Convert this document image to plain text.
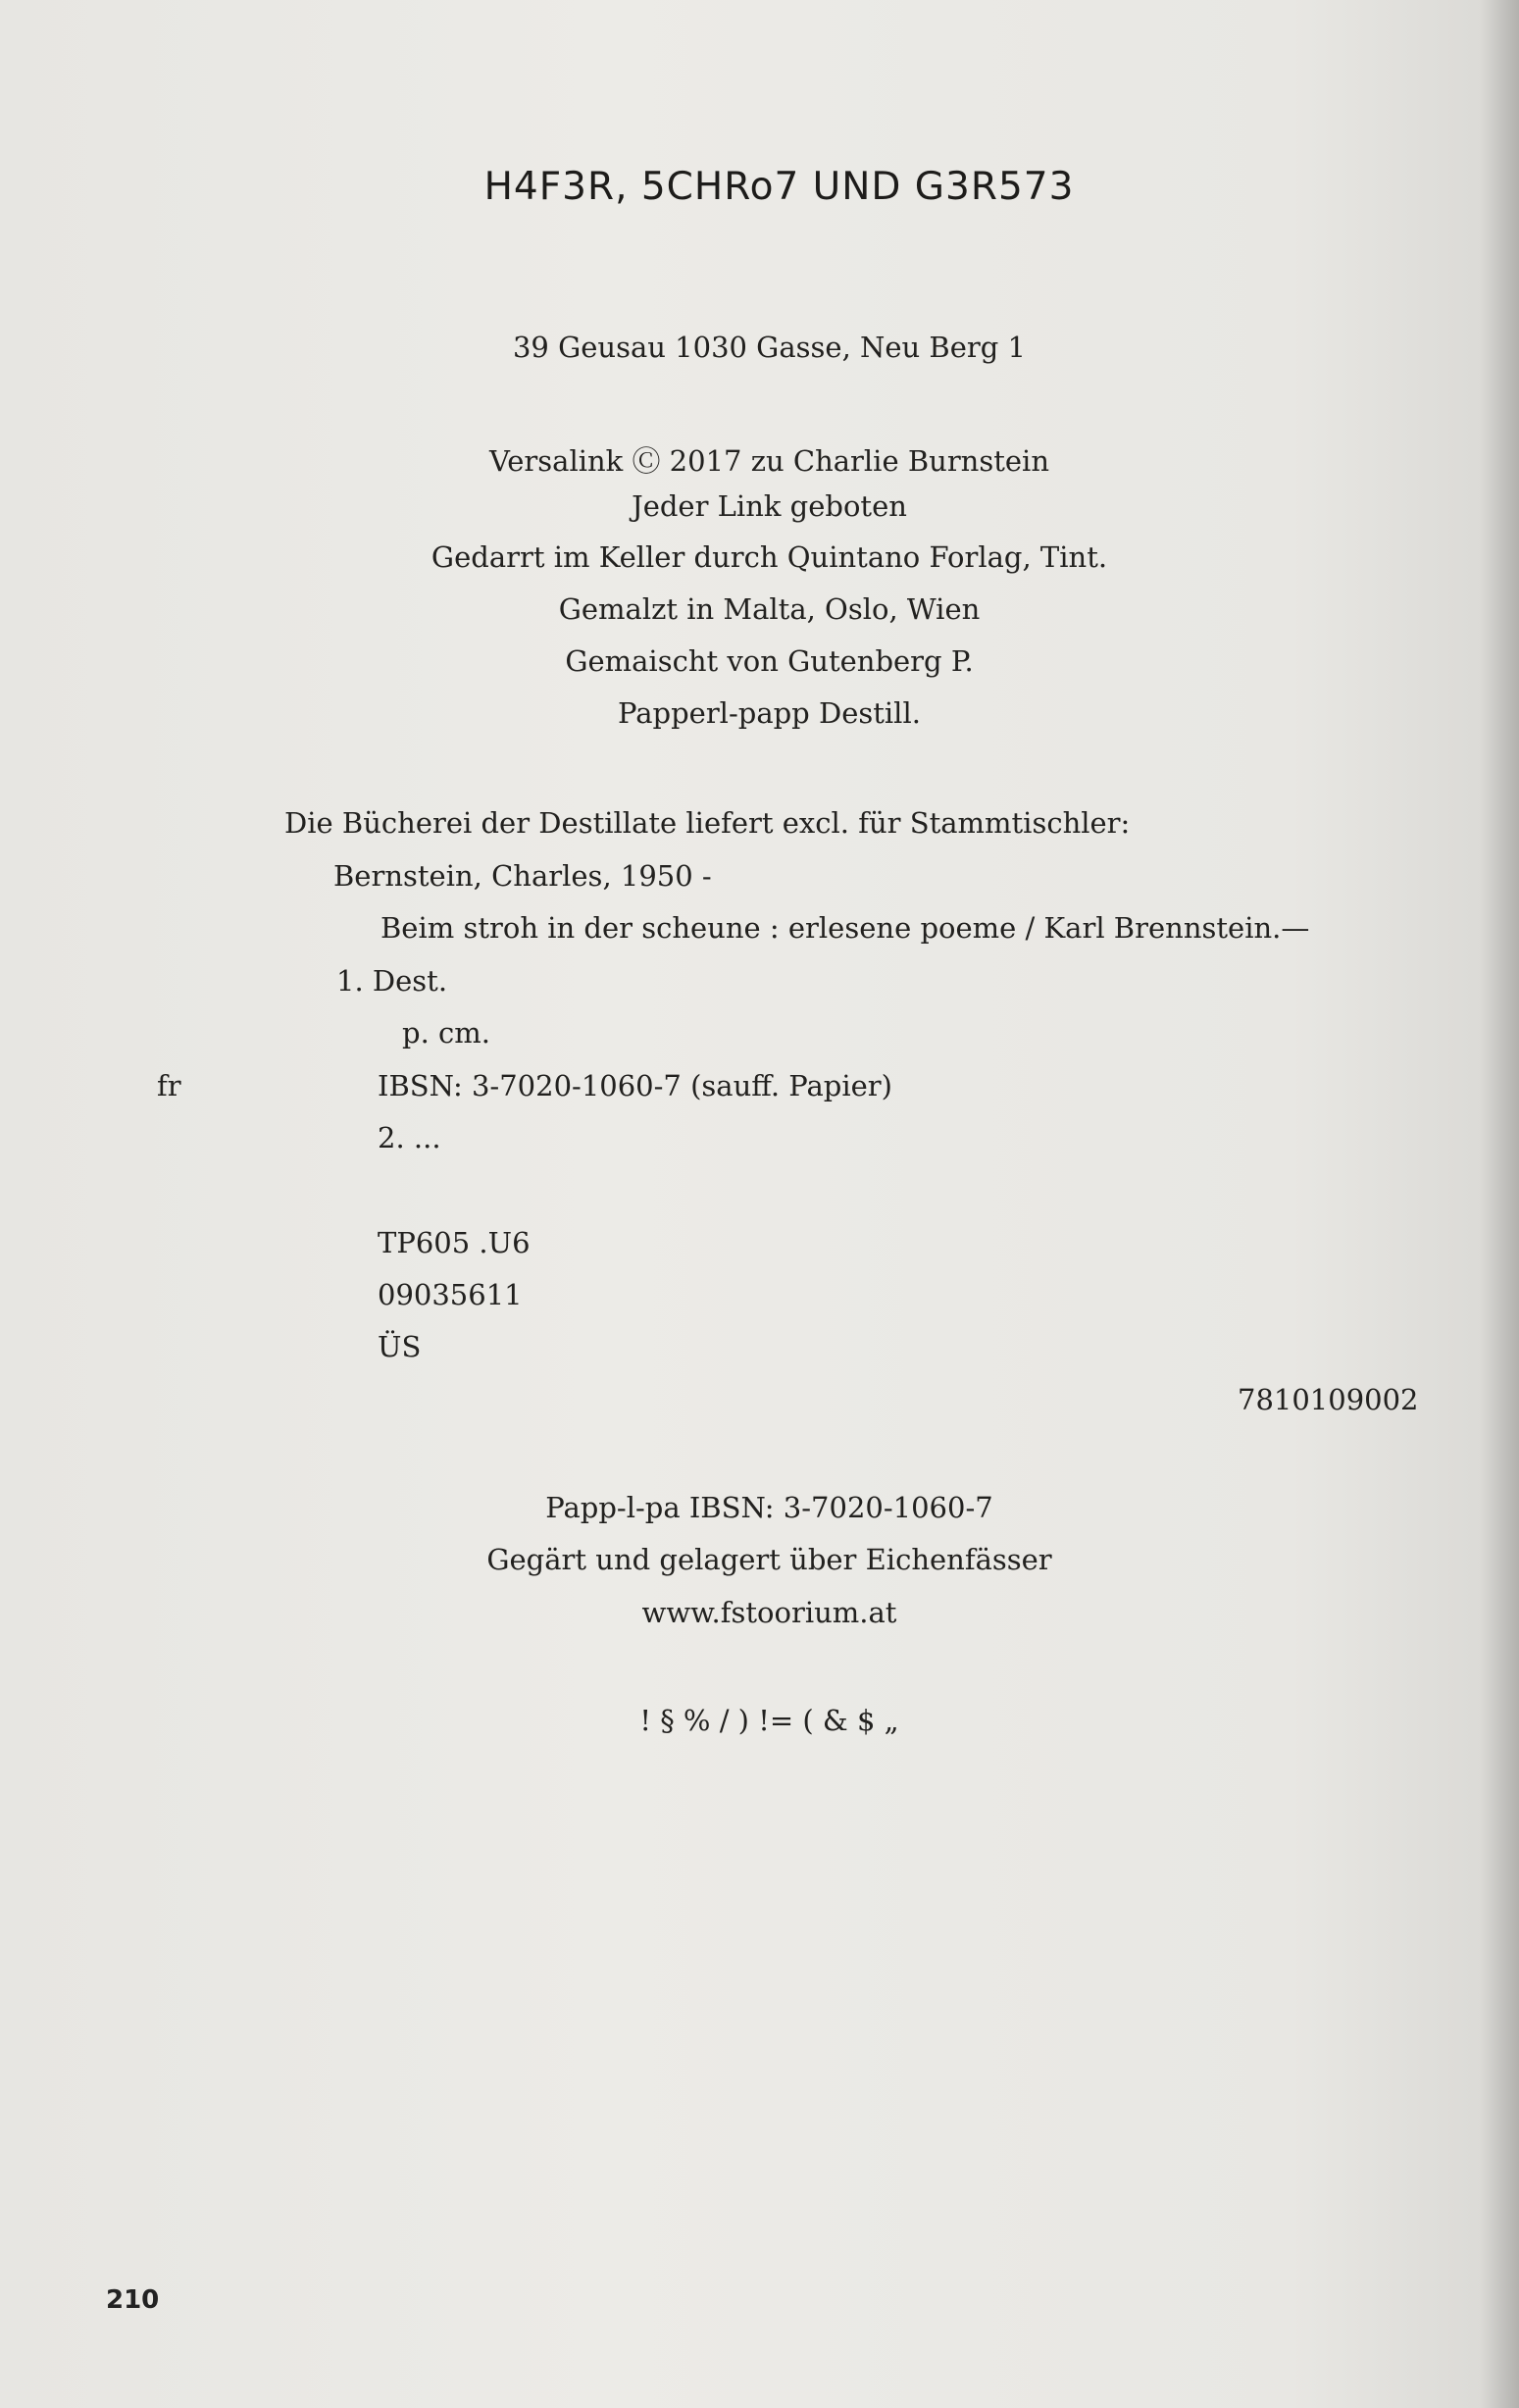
H4F3R, 5CHRo7 UND G3R573
39 Geusau 1030 Gasse, Neu Berg 1
Versalink Ⓒ 2017 zu Charlie Burnstein
Jeder Link geboten
Gedarrt im Keller durch Quintano Forlag, Tint.
Gemalzt in Malta, Oslo, Wien
Gemaischt von Gutenberg P.
Papperl-papp Destill.
Die Bücherei der Destillate liefert excl. für Stammtischler:
Bernstein, Charles, 1950 -
Beim stroh in der scheune : erlesene poeme / Karl Brennstein.—
1. Dest.
p. cm.
fr	IBSN: 3-7020-1060-7 (sauff. Papier)
2. ...
TP605 .U6
09035611
ÜS
7810109002
Papp-l-pa IBSN: 3-7020-1060-7
Gegärt und gelagert über Eichenfässer
www.fstoorium.at
! § % / ) != ( & $ „
210
